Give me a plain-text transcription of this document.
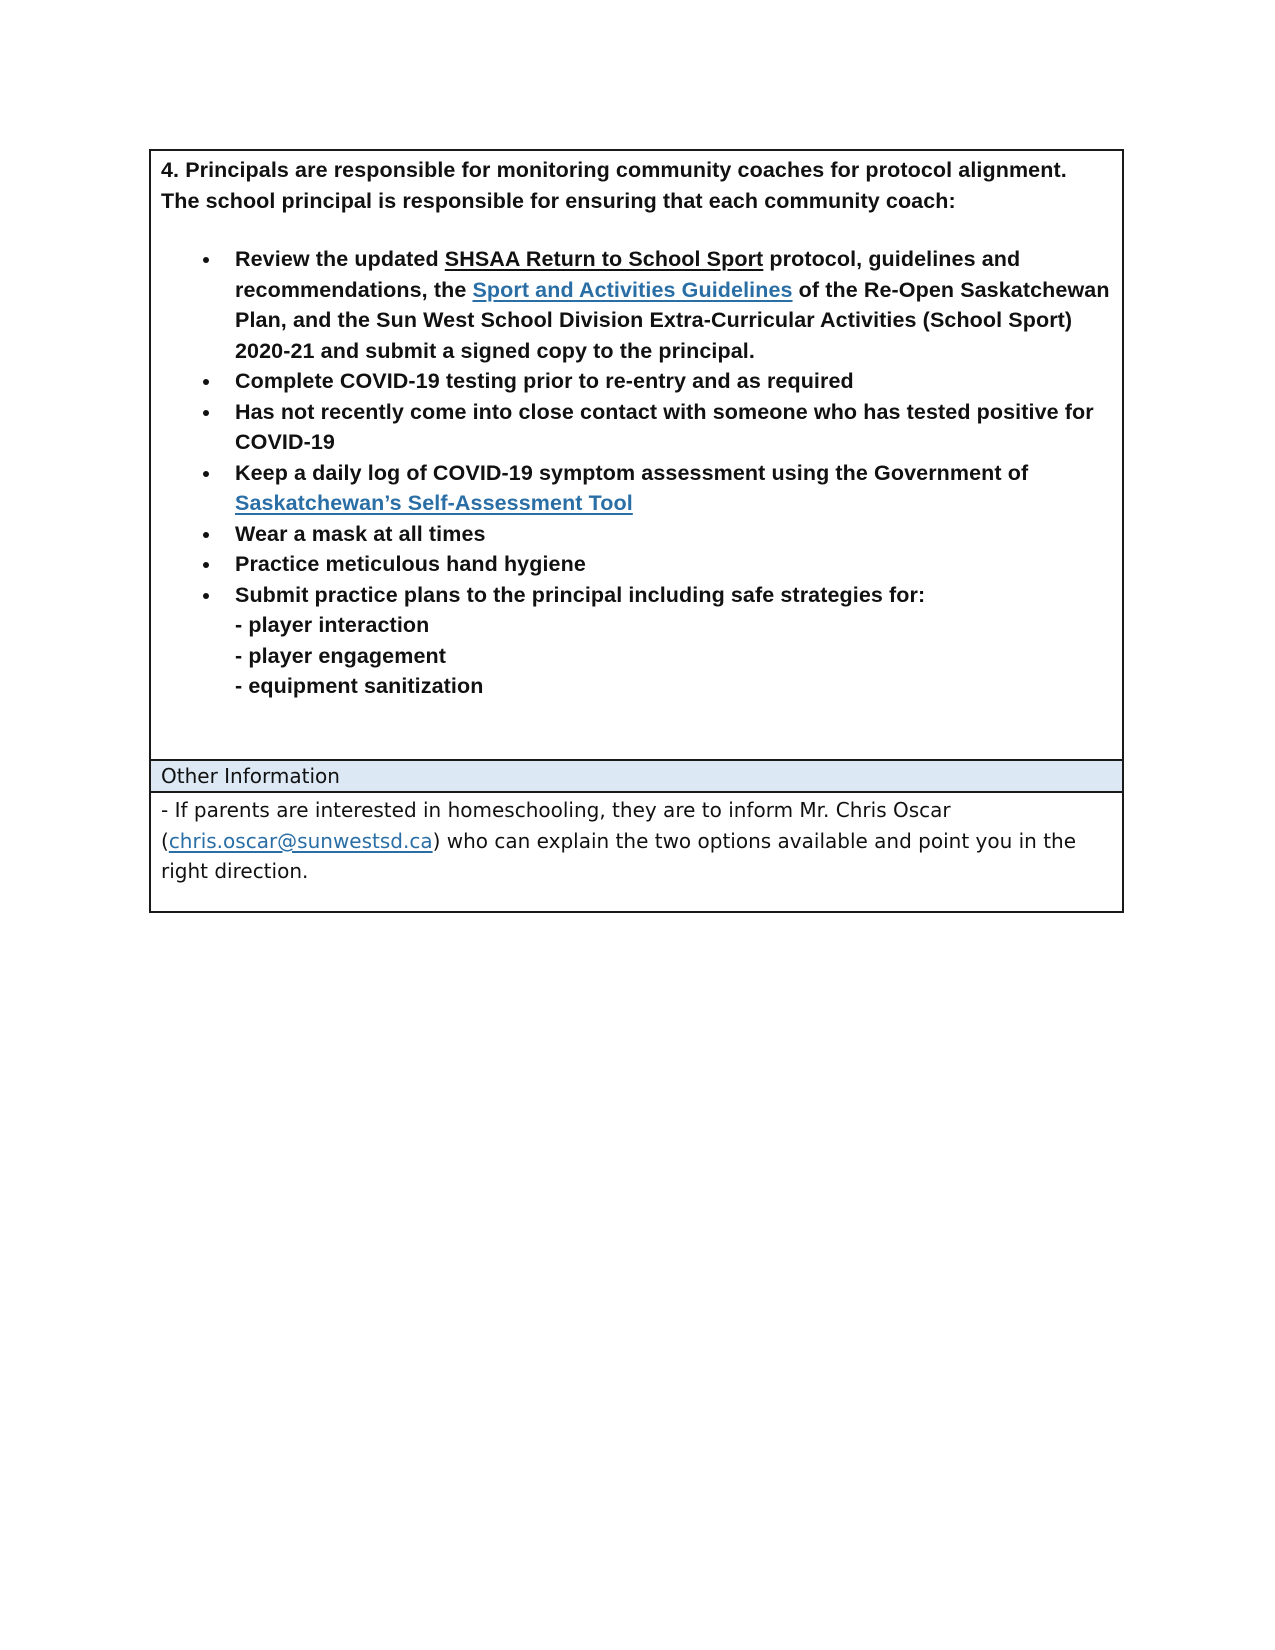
4. Principals are responsible for monitoring community coaches for protocol alignment. The school principal is responsible for ensuring that each community coach:
Review the updated SHSAA Return to School Sport protocol, guidelines and recommendations, the Sport and Activities Guidelines of the Re-Open Saskatchewan Plan, and the Sun West School Division Extra-Curricular Activities (School Sport) 2020-21 and submit a signed copy to the principal.
Complete COVID-19 testing prior to re-entry and as required
Has not recently come into close contact with someone who has tested positive for COVID-19
Keep a daily log of COVID-19 symptom assessment using the Government of Saskatchewan’s Self-Assessment Tool
Wear a mask at all times
Practice meticulous hand hygiene
Submit practice plans to the principal including safe strategies for:
- player interaction
- player engagement
- equipment sanitization
Other Information
- If parents are interested in homeschooling, they are to inform Mr. Chris Oscar (chris.oscar@sunwestsd.ca) who can explain the two options available and point you in the right direction.
